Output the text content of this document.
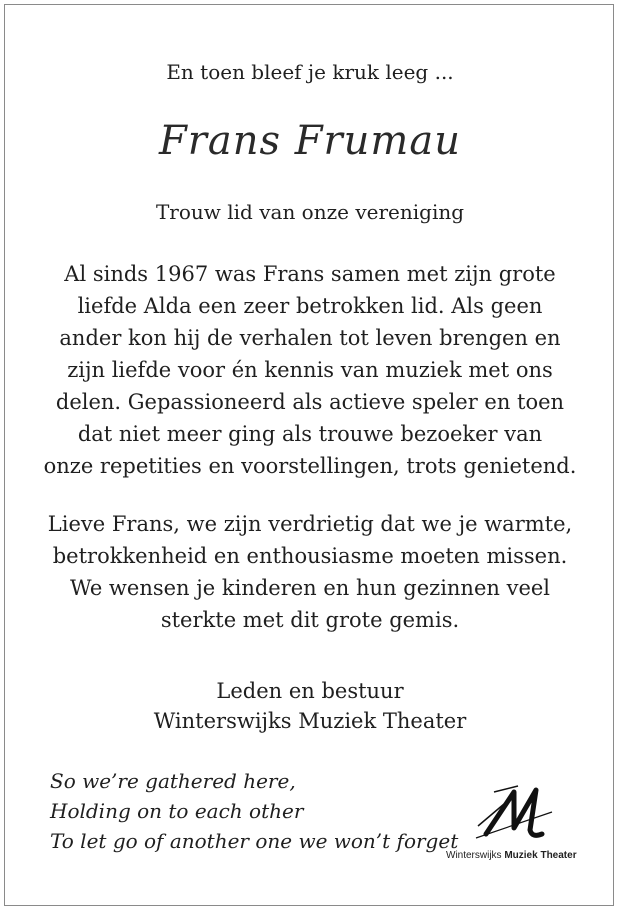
En toen bleef je kruk leeg ...
Frans Frumau
Trouw lid van onze vereniging
Al sinds 1967 was Frans samen met zijn grote
liefde Alda een zeer betrokken lid. Als geen
ander kon hij de verhalen tot leven brengen en
zijn liefde voor én kennis van muziek met ons
delen. Gepassioneerd als actieve speler en toen
dat niet meer ging als trouwe bezoeker van
onze repetities en voorstellingen, trots genietend.
Lieve Frans, we zijn verdrietig dat we je warmte,
betrokkenheid en enthousiasme moeten missen.
We wensen je kinderen en hun gezinnen veel
sterkte met dit grote gemis.
Leden en bestuur
Winterswijks Muziek Theater
So we’re gathered here,
Holding on to each other
To let go of another one we won’t forget
Winterswijks Muziek Theater
